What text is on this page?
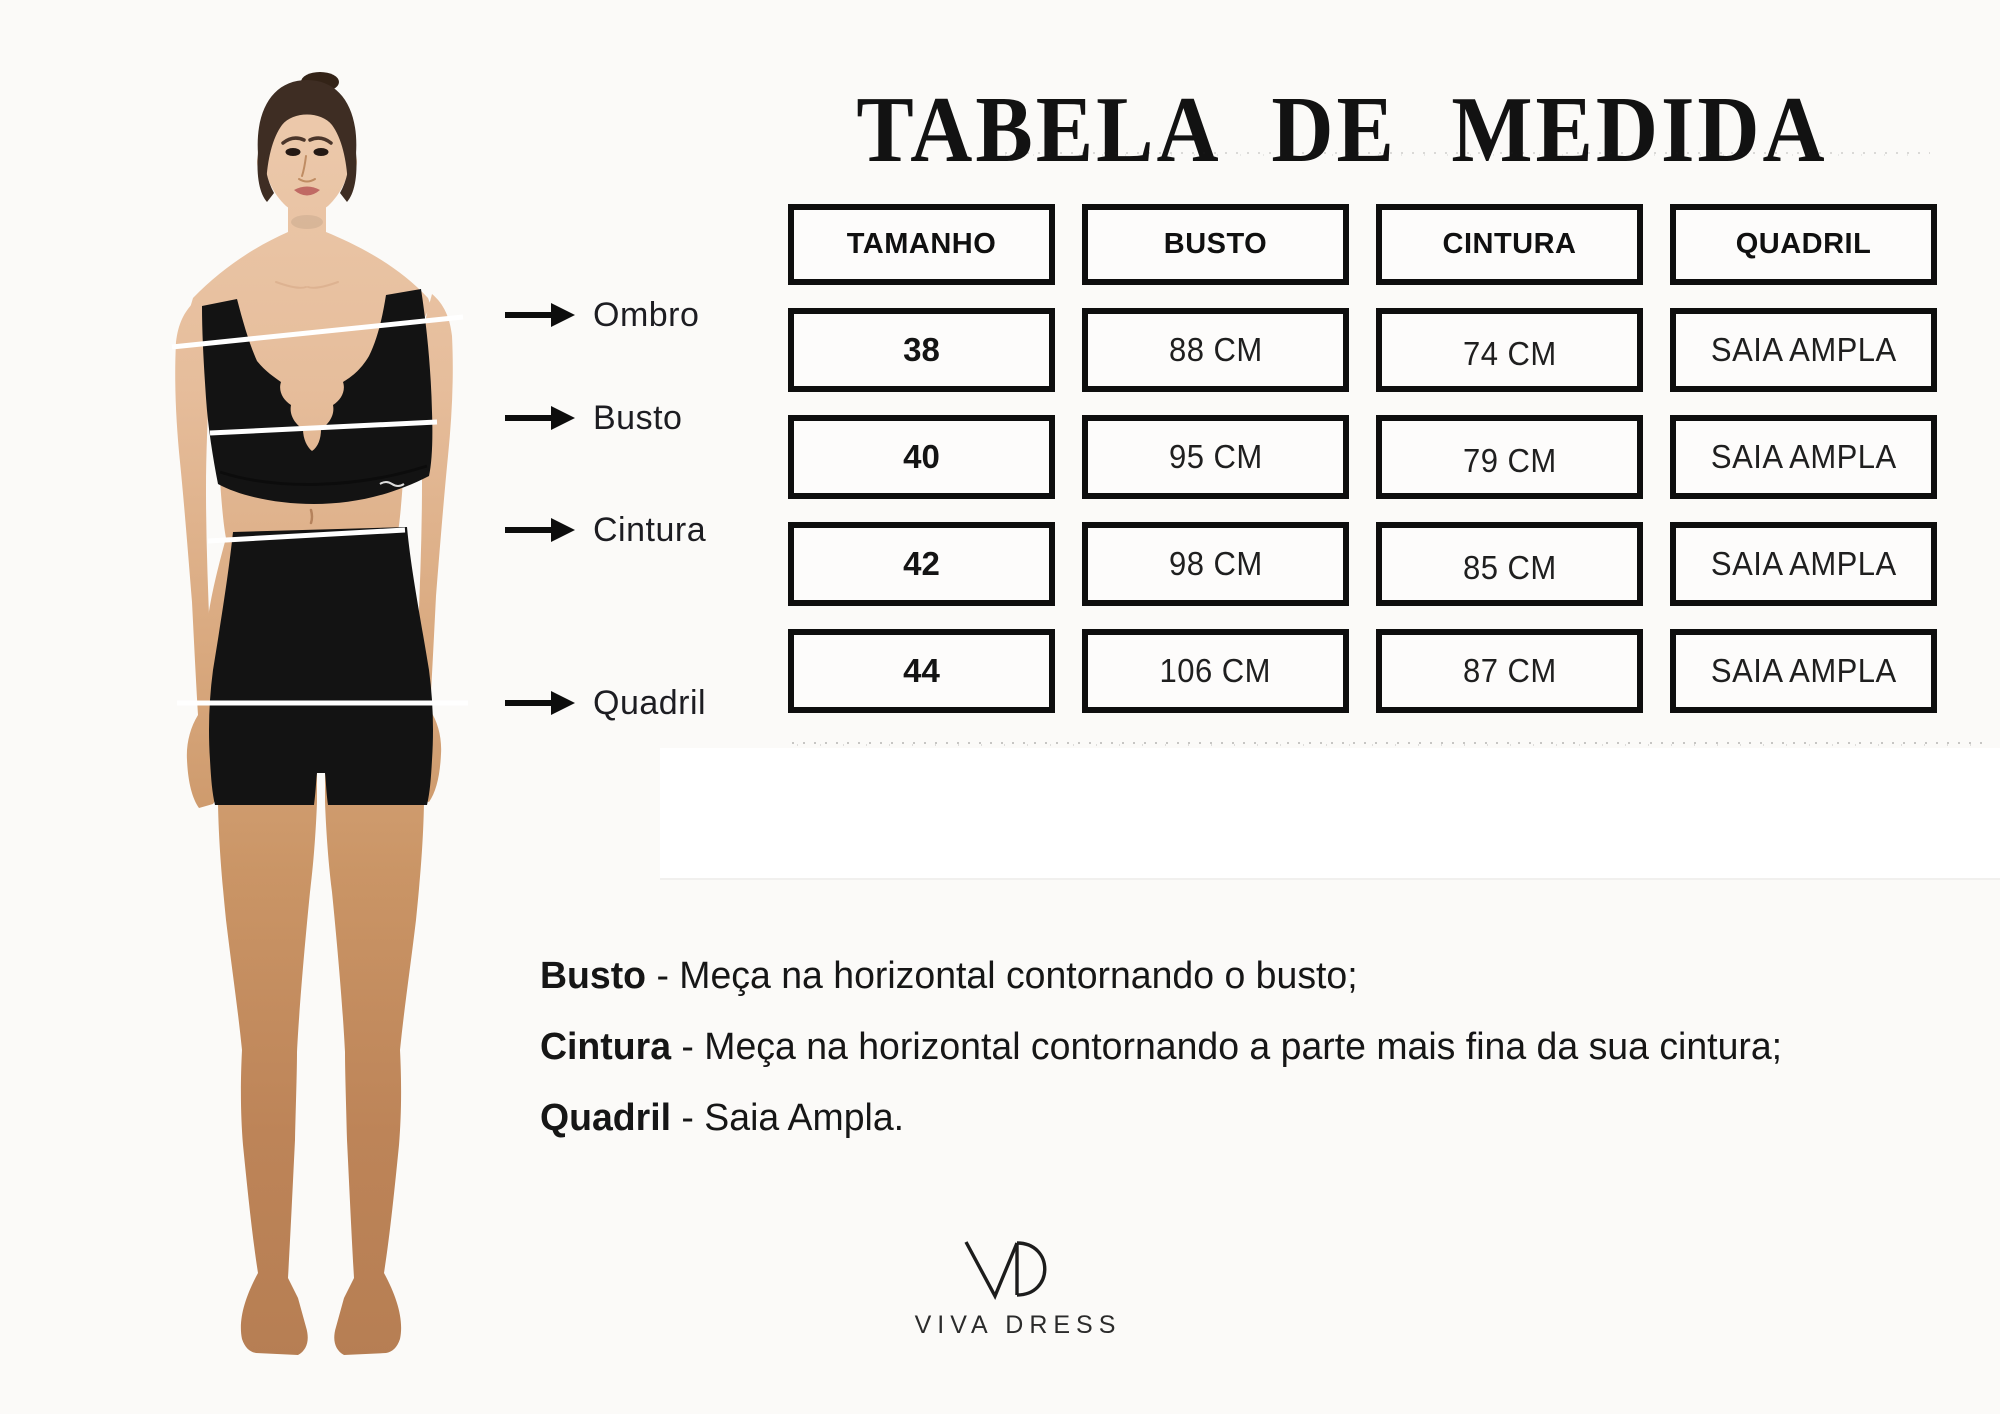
TABELA DE MEDIDA
TAMANHO	BUSTO	CINTURA	QUADRIL
38	88 CM	74 CM	SAIA AMPLA
40	95 CM	79 CM	SAIA AMPLA
42	98 CM	85 CM	SAIA AMPLA
44	106 CM	87 CM	SAIA AMPLA
Ombro
Busto
Cintura
Quadril
Busto - Meça na horizontal contornando o busto;
Cintura - Meça na horizontal contornando a parte mais fina da sua cintura;
Quadril - Saia Ampla.
VIVA DRESS
